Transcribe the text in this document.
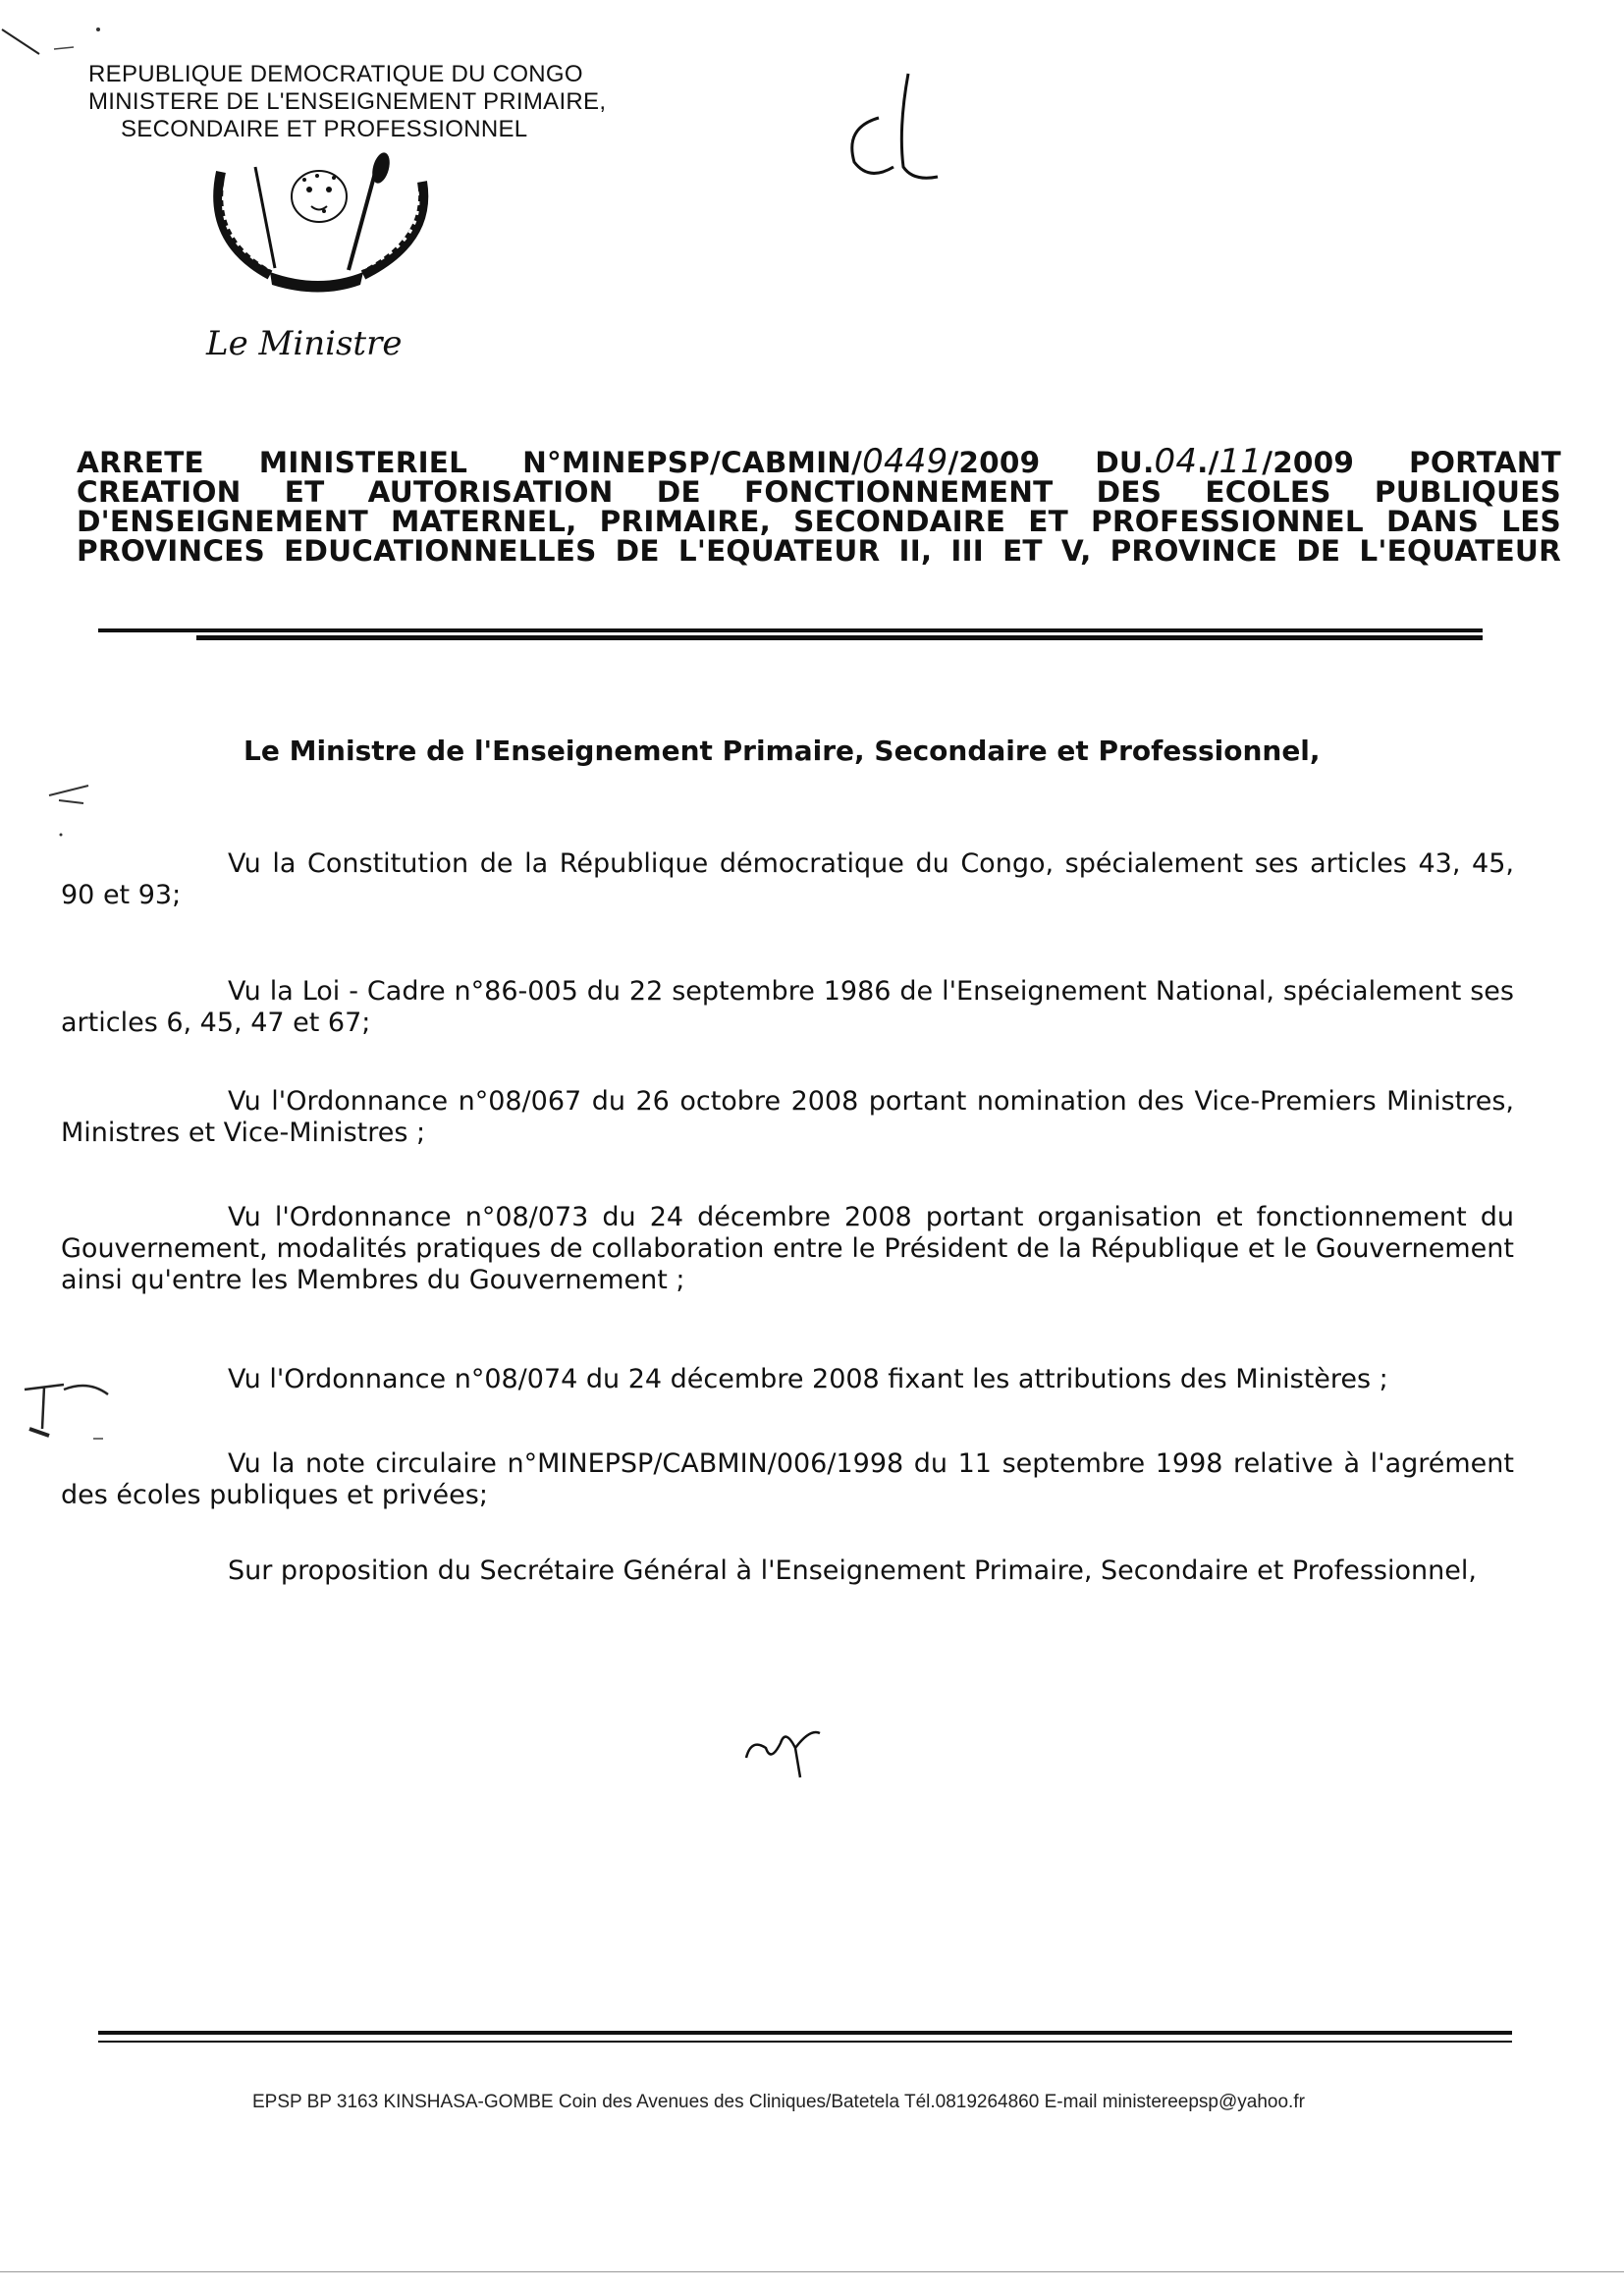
REPUBLIQUE DEMOCRATIQUE DU CONGO
MINISTERE DE L'ENSEIGNEMENT PRIMAIRE,
SECONDAIRE ET PROFESSIONNEL
Le Ministre
ARRETE MINISTERIEL N°MINEPSP/CABMIN/0449/2009 DU.04./11/2009 PORTANT
CREATION ET AUTORISATION DE FONCTIONNEMENT DES ECOLES PUBLIQUES
D'ENSEIGNEMENT MATERNEL, PRIMAIRE, SECONDAIRE ET PROFESSIONNEL DANS LES
PROVINCES EDUCATIONNELLES DE L'EQUATEUR II, III ET V, PROVINCE DE L'EQUATEUR
Le Ministre de l'Enseignement Primaire, Secondaire et Professionnel,
Vu la Constitution de la République démocratique du Congo, spécialement ses articles 43, 45, 90 et 93;
Vu la Loi - Cadre n°86-005 du 22 septembre 1986 de l'Enseignement National, spécialement ses articles 6, 45, 47 et 67;
Vu l'Ordonnance n°08/067 du 26 octobre 2008 portant nomination des Vice-Premiers Ministres, Ministres et Vice-Ministres ;
Vu l'Ordonnance n°08/073 du 24 décembre 2008 portant organisation et fonctionnement du Gouvernement, modalités pratiques de collaboration entre le Président de la République et le Gouvernement ainsi qu'entre les Membres du Gouvernement ;
Vu l'Ordonnance n°08/074 du 24 décembre 2008 fixant les attributions des Ministères ;
Vu la note circulaire n°MINEPSP/CABMIN/006/1998 du 11 septembre 1998 relative à l'agrément des écoles publiques et privées;
Sur proposition du Secrétaire Général à l'Enseignement Primaire, Secondaire et Professionnel,
EPSP BP 3163 KINSHASA-GOMBE Coin des Avenues des Cliniques/Batetela Tél.0819264860 E-mail ministereepsp@yahoo.fr
